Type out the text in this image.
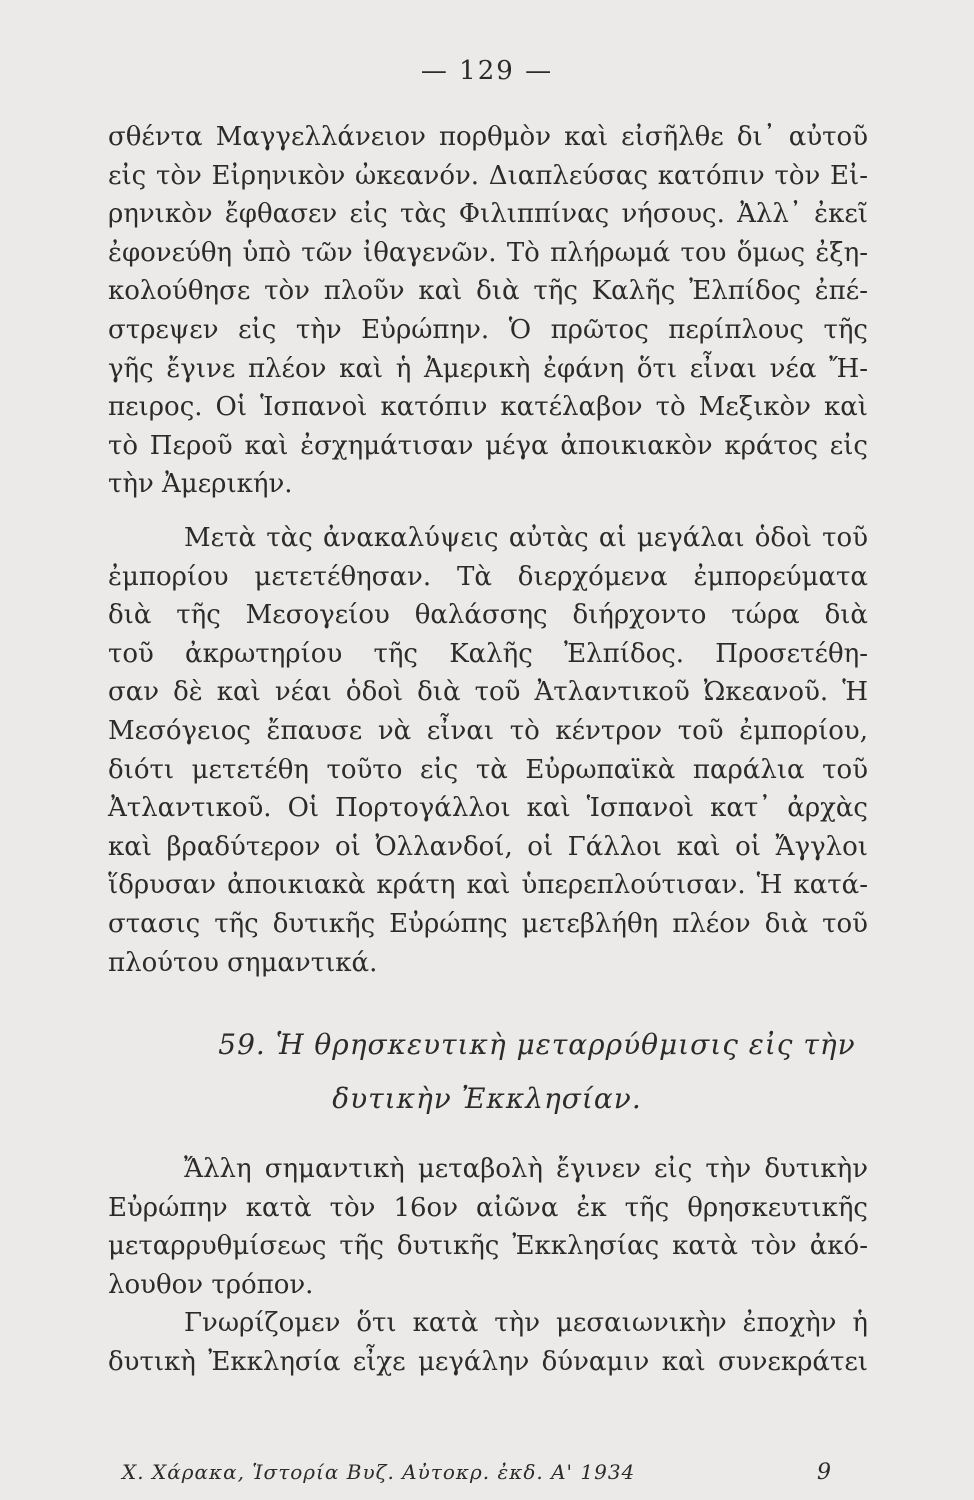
— 129 —
σθέντα Μαγγελλάνειον πορθμὸν καὶ εἰσῆλθε δι᾽ αὐτοῦ
εἰς τὸν Εἰρηνικὸν ὠκεανόν. Διαπλεύσας κατόπιν τὸν Εἰ-
ρηνικὸν ἔφθασεν εἰς τὰς Φιλιππίνας νήσους. Ἀλλ᾽ ἐκεῖ
ἐφονεύθη ὑπὸ τῶν ἰθαγενῶν. Τὸ πλήρωμά του ὅμως ἐξη-
κολούθησε τὸν πλοῦν καὶ διὰ τῆς Καλῆς Ἐλπίδος ἐπέ-
στρεψεν εἰς τὴν Εὐρώπην. Ὁ πρῶτος περίπλους τῆς
γῆς ἔγινε πλέον καὶ ἡ Ἀμερικὴ ἐφάνη ὅτι εἶναι νέα Ἤ-
πειρος. Οἱ Ἱσπανοὶ κατόπιν κατέλαβον τὸ Μεξικὸν καὶ
τὸ Περοῦ καὶ ἐσχημάτισαν μέγα ἀποικιακὸν κράτος εἰς
τὴν Ἀμερικήν.
Μετὰ τὰς ἀνακαλύψεις αὐτὰς αἱ μεγάλαι ὁδοὶ τοῦ
ἐμπορίου μετετέθησαν. Τὰ διερχόμενα ἐμπορεύματα
διὰ τῆς Μεσογείου θαλάσσης διήρχοντο τώρα διὰ
τοῦ ἀκρωτηρίου τῆς Καλῆς Ἐλπίδος. Προσετέθη-
σαν δὲ καὶ νέαι ὁδοὶ διὰ τοῦ Ἀτλαντικοῦ Ὠκεανοῦ. Ἡ
Μεσόγειος ἔπαυσε νὰ εἶναι τὸ κέντρον τοῦ ἐμπορίου,
διότι μετετέθη τοῦτο εἰς τὰ Εὐρωπαϊκὰ παράλια τοῦ
Ἀτλαντικοῦ. Οἱ Πορτογάλλοι καὶ Ἱσπανοὶ κατ᾽ ἀρχὰς
καὶ βραδύτερον οἱ Ὀλλανδοί, οἱ Γάλλοι καὶ οἱ Ἄγγλοι
ἵδρυσαν ἀποικιακὰ κράτη καὶ ὑπερεπλούτισαν. Ἡ κατά-
στασις τῆς δυτικῆς Εὐρώπης μετεβλήθη πλέον διὰ τοῦ
πλούτου σημαντικά.
59. Ἡ θρησκευτικὴ μεταρρύθμισις εἰς τὴν
δυτικὴν Ἐκκλησίαν.
Ἄλλη σημαντικὴ μεταβολὴ ἔγινεν εἰς τὴν δυτικὴν
Εὐρώπην κατὰ τὸν 16ον αἰῶνα ἐκ τῆς θρησκευτικῆς
μεταρρυθμίσεως τῆς δυτικῆς Ἐκκλησίας κατὰ τὸν ἀκό-
λουθον τρόπον.
Γνωρίζομεν ὅτι κατὰ τὴν μεσαιωνικὴν ἐποχὴν ἡ
δυτικὴ Ἐκκλησία εἶχε μεγάλην δύναμιν καὶ συνεκράτει
Χ. Χάρακα, Ἱστορία Βυζ. Αὐτοκρ. ἐκδ. Α' 1934	9
